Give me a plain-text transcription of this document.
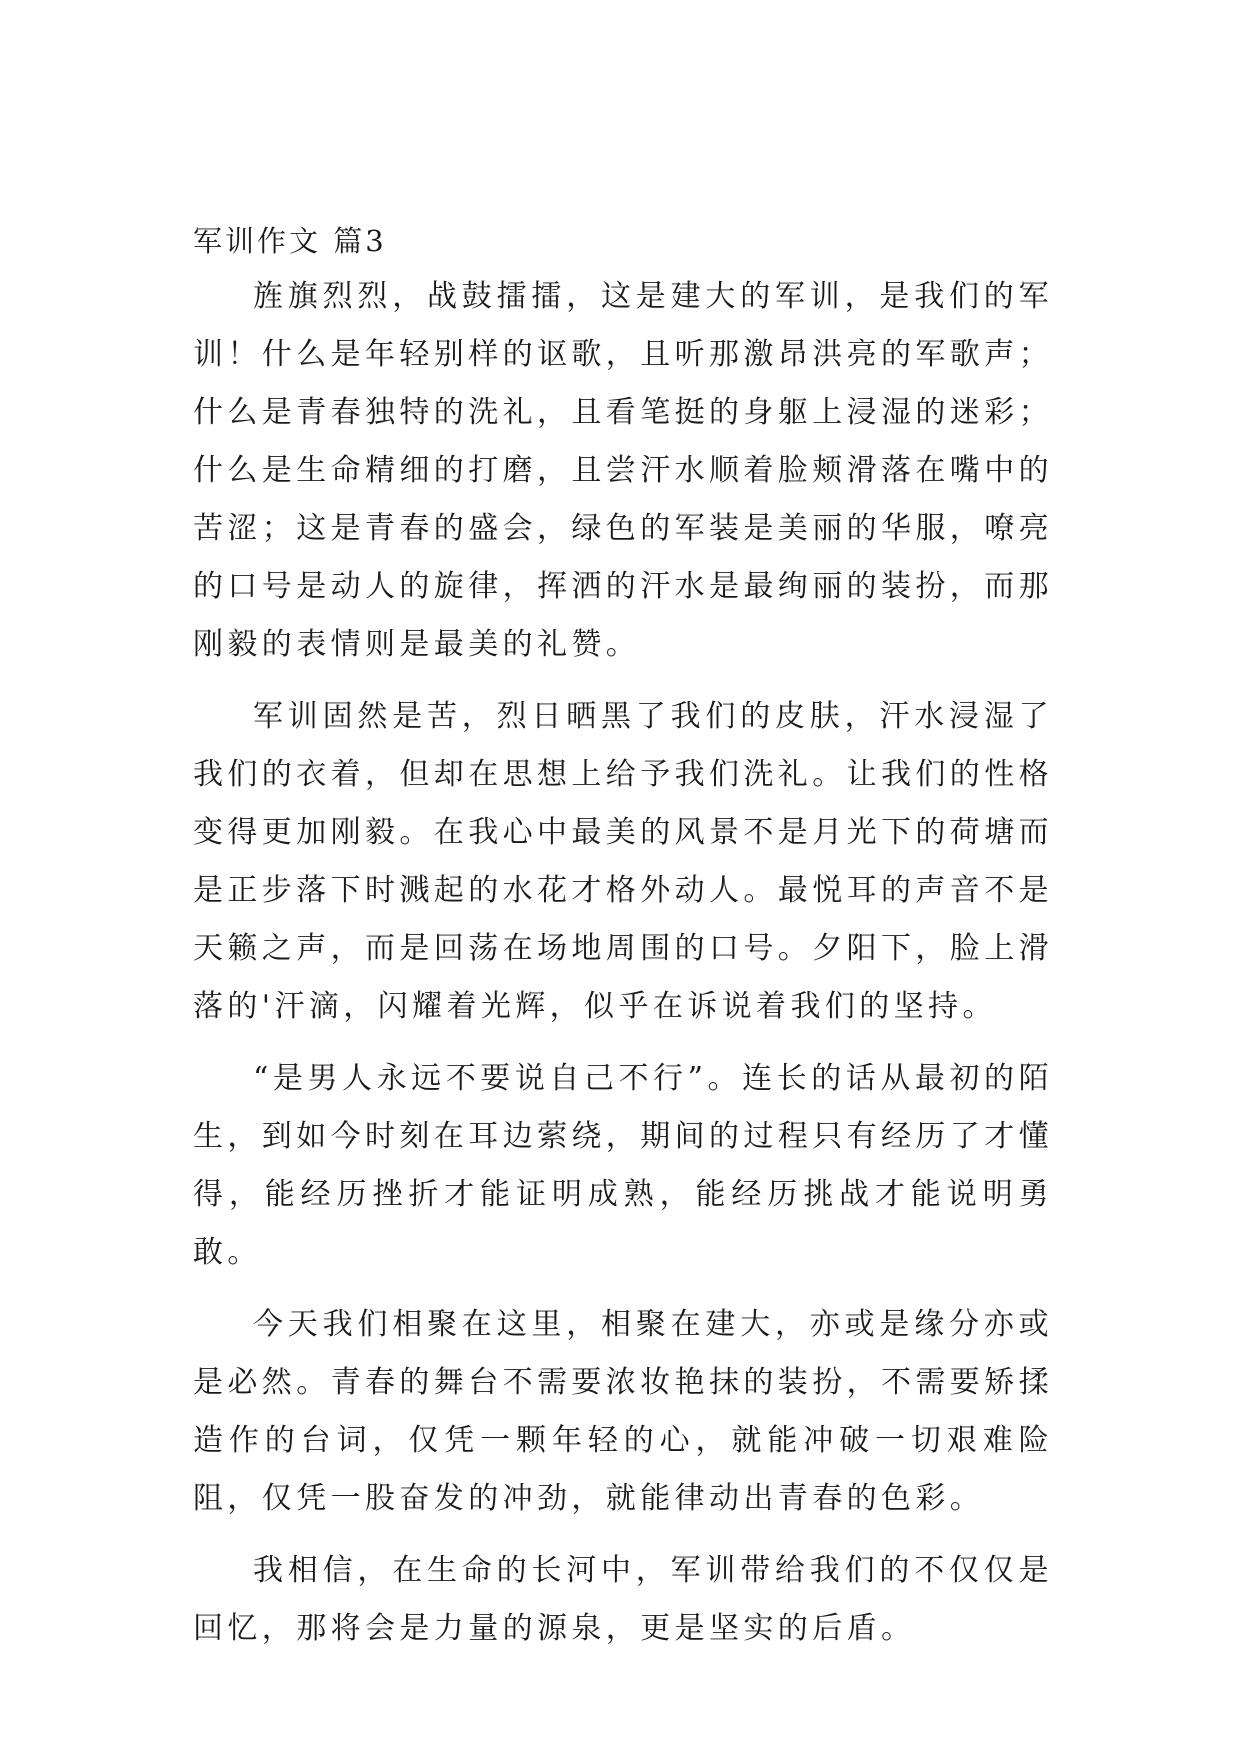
军训作文 篇3

旌旗烈烈，战鼓擂擂，这是建大的军训，是我们的军训！什么是年轻别样的讴歌，且听那激昂洪亮的军歌声；什么是青春独特的洗礼，且看笔挺的身躯上浸湿的迷彩；什么是生命精细的打磨，且尝汗水顺着脸颊滑落在嘴中的苦涩；这是青春的盛会，绿色的军装是美丽的华服，嘹亮的口号是动人的旋律，挥洒的汗水是最绚丽的装扮，而那刚毅的表情则是最美的礼赞。

军训固然是苦，烈日晒黑了我们的皮肤，汗水浸湿了我们的衣着，但却在思想上给予我们洗礼。让我们的性格变得更加刚毅。在我心中最美的风景不是月光下的荷塘而是正步落下时溅起的水花才格外动人。最悦耳的声音不是天籁之声，而是回荡在场地周围的口号。夕阳下，脸上滑落的'汗滴，闪耀着光辉，似乎在诉说着我们的坚持。

“是男人永远不要说自己不行”。连长的话从最初的陌生，到如今时刻在耳边萦绕，期间的过程只有经历了才懂得，能经历挫折才能证明成熟，能经历挑战才能说明勇敢。

今天我们相聚在这里，相聚在建大，亦或是缘分亦或是必然。青春的舞台不需要浓妆艳抹的装扮，不需要矫揉造作的台词，仅凭一颗年轻的心，就能冲破一切艰难险阻，仅凭一股奋发的冲劲，就能律动出青春的色彩。

我相信，在生命的长河中，军训带给我们的不仅仅是回忆，那将会是力量的源泉，更是坚实的后盾。
